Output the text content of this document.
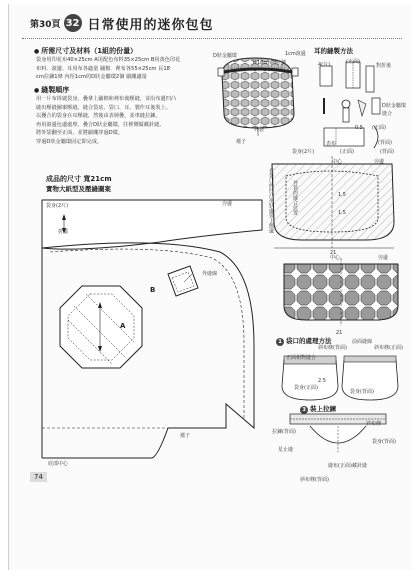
第30頁 32 日常使用的迷你包包
● 所需尺寸及材料（1組的份量）
袋身用印花布40×25cm A用配色布料35×25cm B用黃色印花
布料．滾邊、耳用布各適量 鋪棉．裡布各55×25cm 長18
cm拉鍊1條 內徑1cm的D狀金屬環2個 緞繩適量
● 縫製順序
用一片布拼縫袋身，疊拿上鋪棉和裡布後壓縫，並沿布邊凹凸
縫出壓縫圖案壓縫。縫合袋底、袋口、耳，製作耳後裝上。
以疊合的袋身在耳壓縫，然後由表層疊，並車縫拉鍊。
再用滾邊包邊處理，疊合D狀金屬環，往裡側做藏針縫。
將外袋翻至正面，並將緞繩穿過D環。
穿過D狀金屬環固定即完成。
成品的尺寸 寬21cm
D狀金屬環	1cm滾邊
長18cm的拉鍊
外袋
襠子
耳的縫製方法
4(片)	(正面)
對折後
D狀金屬環
縫合
(正面)
(背面)
0.5
表布
(正面)	(背面)
袋身(2片)
中心	旁邊
在袋口的凹凸形狀處裝上飾邊	外袋的縫合位置	1.5
1.5
21
21
中心	旁邊
實物大紙型及壓縫圖案
袋身(2片)
折襠
旁邊
外縫線
A
B
襠子
底部中心
1 袋口的處理方法
正面相對縫合
斜布條(背面)
袋身(正面)
2.5
斜布條(正面)
袋身(背面)
前面縫線
3 裝上拉鍊
拉鍊(背面)
星止縫
藏針縫
斜布條
袋身(背面)
縫布(正面)
斜布條(背面)
74
